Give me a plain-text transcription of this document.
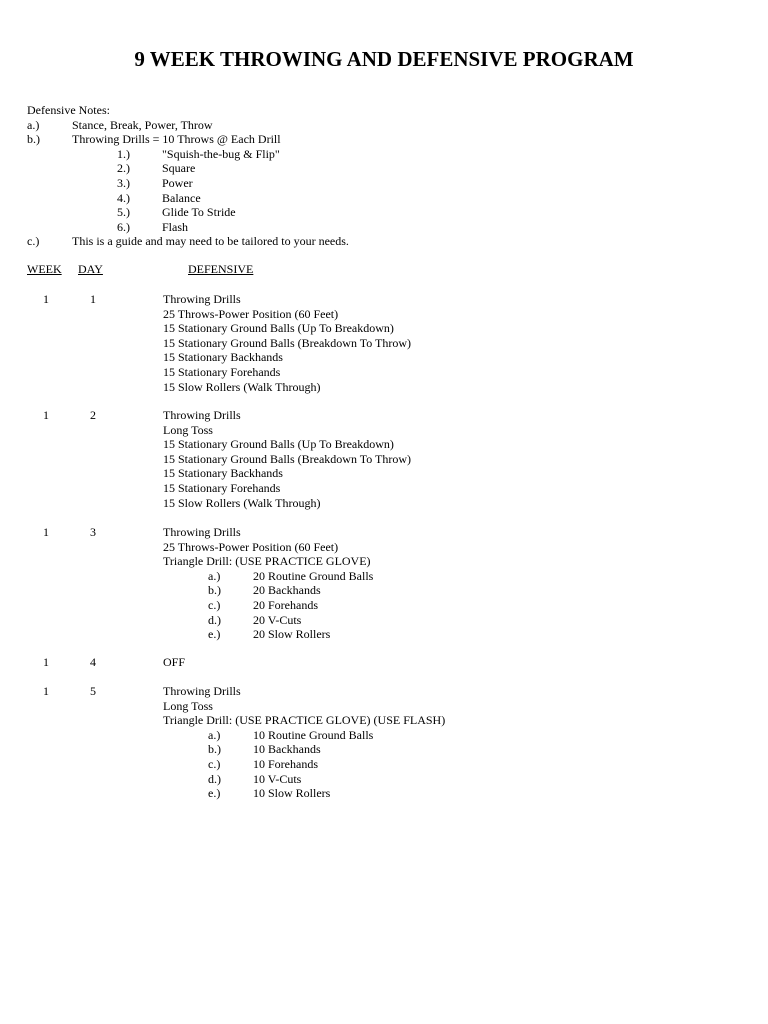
9 WEEK THROWING AND DEFENSIVE PROGRAM
Defensive Notes:
a.)	Stance, Break, Power, Throw
b.)	Throwing Drills = 10 Throws @ Each Drill
1.)	"Squish-the-bug & Flip"
2.)	Square
3.)	Power
4.)	Balance
5.)	Glide To Stride
6.)	Flash
c.)	This is a guide and may need to be tailored to your needs.
WEEK DAY	DEFENSIVE
1	1	Throwing Drills
25 Throws-Power Position (60 Feet)
15 Stationary Ground Balls (Up To Breakdown)
15 Stationary Ground Balls (Breakdown To Throw)
15 Stationary Backhands
15 Stationary Forehands
15 Slow Rollers (Walk Through)
1	2	Throwing Drills
Long Toss
15 Stationary Ground Balls (Up To Breakdown)
15 Stationary Ground Balls (Breakdown To Throw)
15 Stationary Backhands
15 Stationary Forehands
15 Slow Rollers (Walk Through)
1	3	Throwing Drills
25 Throws-Power Position (60 Feet)
Triangle Drill: (USE PRACTICE GLOVE)
a.)	20 Routine Ground Balls
b.)	20 Backhands
c.)	20 Forehands
d.)	20 V-Cuts
e.)	20 Slow Rollers
1	4	OFF
1	5	Throwing Drills
Long Toss
Triangle Drill: (USE PRACTICE GLOVE) (USE FLASH)
a.)	10 Routine Ground Balls
b.)	10 Backhands
c.)	10 Forehands
d.)	10 V-Cuts
e.)	10 Slow Rollers
